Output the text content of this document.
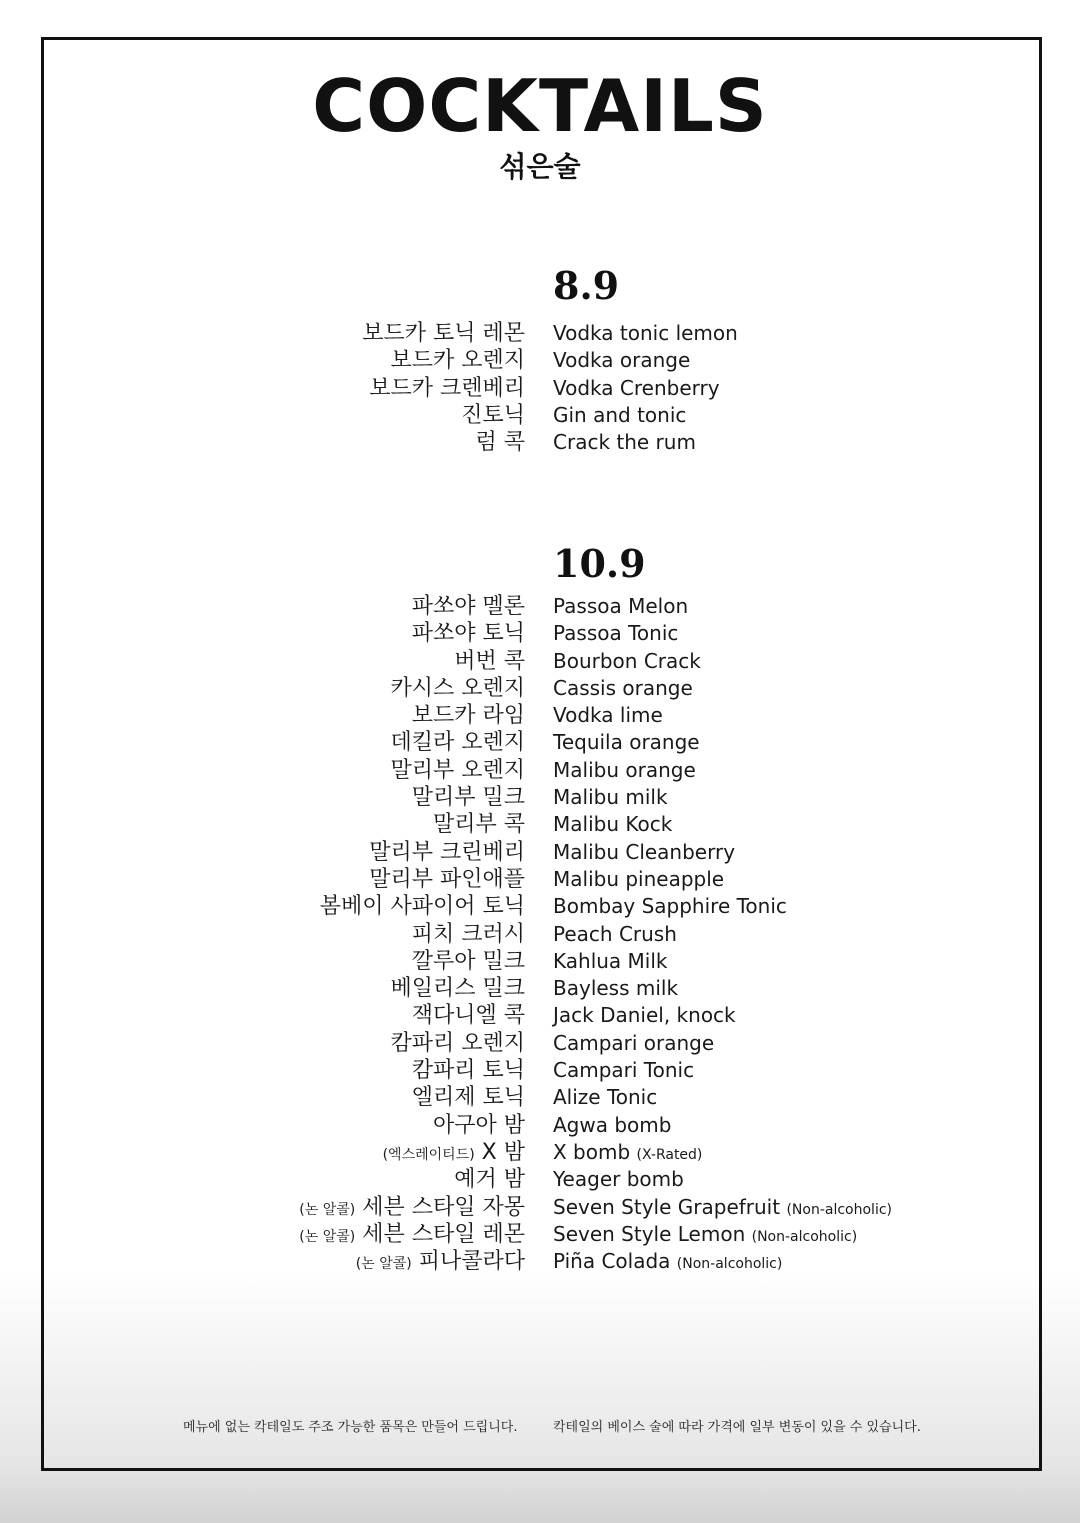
COCKTAILS
섞은술
8.9
보드카 토닉 레몬 Vodka tonic lemon
보드카 오렌지 Vodka orange
보드카 크렌베리 Vodka Crenberry
진토닉 Gin and tonic
럼 콕 Crack the rum
10.9
파쏘야 멜론 Passoa Melon
파쏘야 토닉 Passoa Tonic
버번 콕 Bourbon Crack
카시스 오렌지 Cassis orange
보드카 라임 Vodka lime
데킬라 오렌지 Tequila orange
말리부 오렌지 Malibu orange
말리부 밀크 Malibu milk
말리부 콕 Malibu Kock
말리부 크린베리 Malibu Cleanberry
말리부 파인애플 Malibu pineapple
봄베이 사파이어 토닉 Bombay Sapphire Tonic
피치 크러시 Peach Crush
깔루아 밀크 Kahlua Milk
베일리스 밀크 Bayless milk
잭다니엘 콕 Jack Daniel, knock
캄파리 오렌지 Campari orange
캄파리 토닉 Campari Tonic
엘리제 토닉 Alize Tonic
아구아 밤 Agwa bomb
(엑스레이티드) X 밤 X bomb (X-Rated)
예거 밤 Yeager bomb
(논 알콜) 세븐 스타일 자몽 Seven Style Grapefruit (Non-alcoholic)
(논 알콜) 세븐 스타일 레몬 Seven Style Lemon (Non-alcoholic)
(논 알콜) 피나콜라다 Piña Colada (Non-alcoholic)
메뉴에 없는 칵테일도 주조 가능한 품목은 만들어 드립니다.	칵테일의 베이스 술에 따라 가격에 일부 변동이 있을 수 있습니다.
